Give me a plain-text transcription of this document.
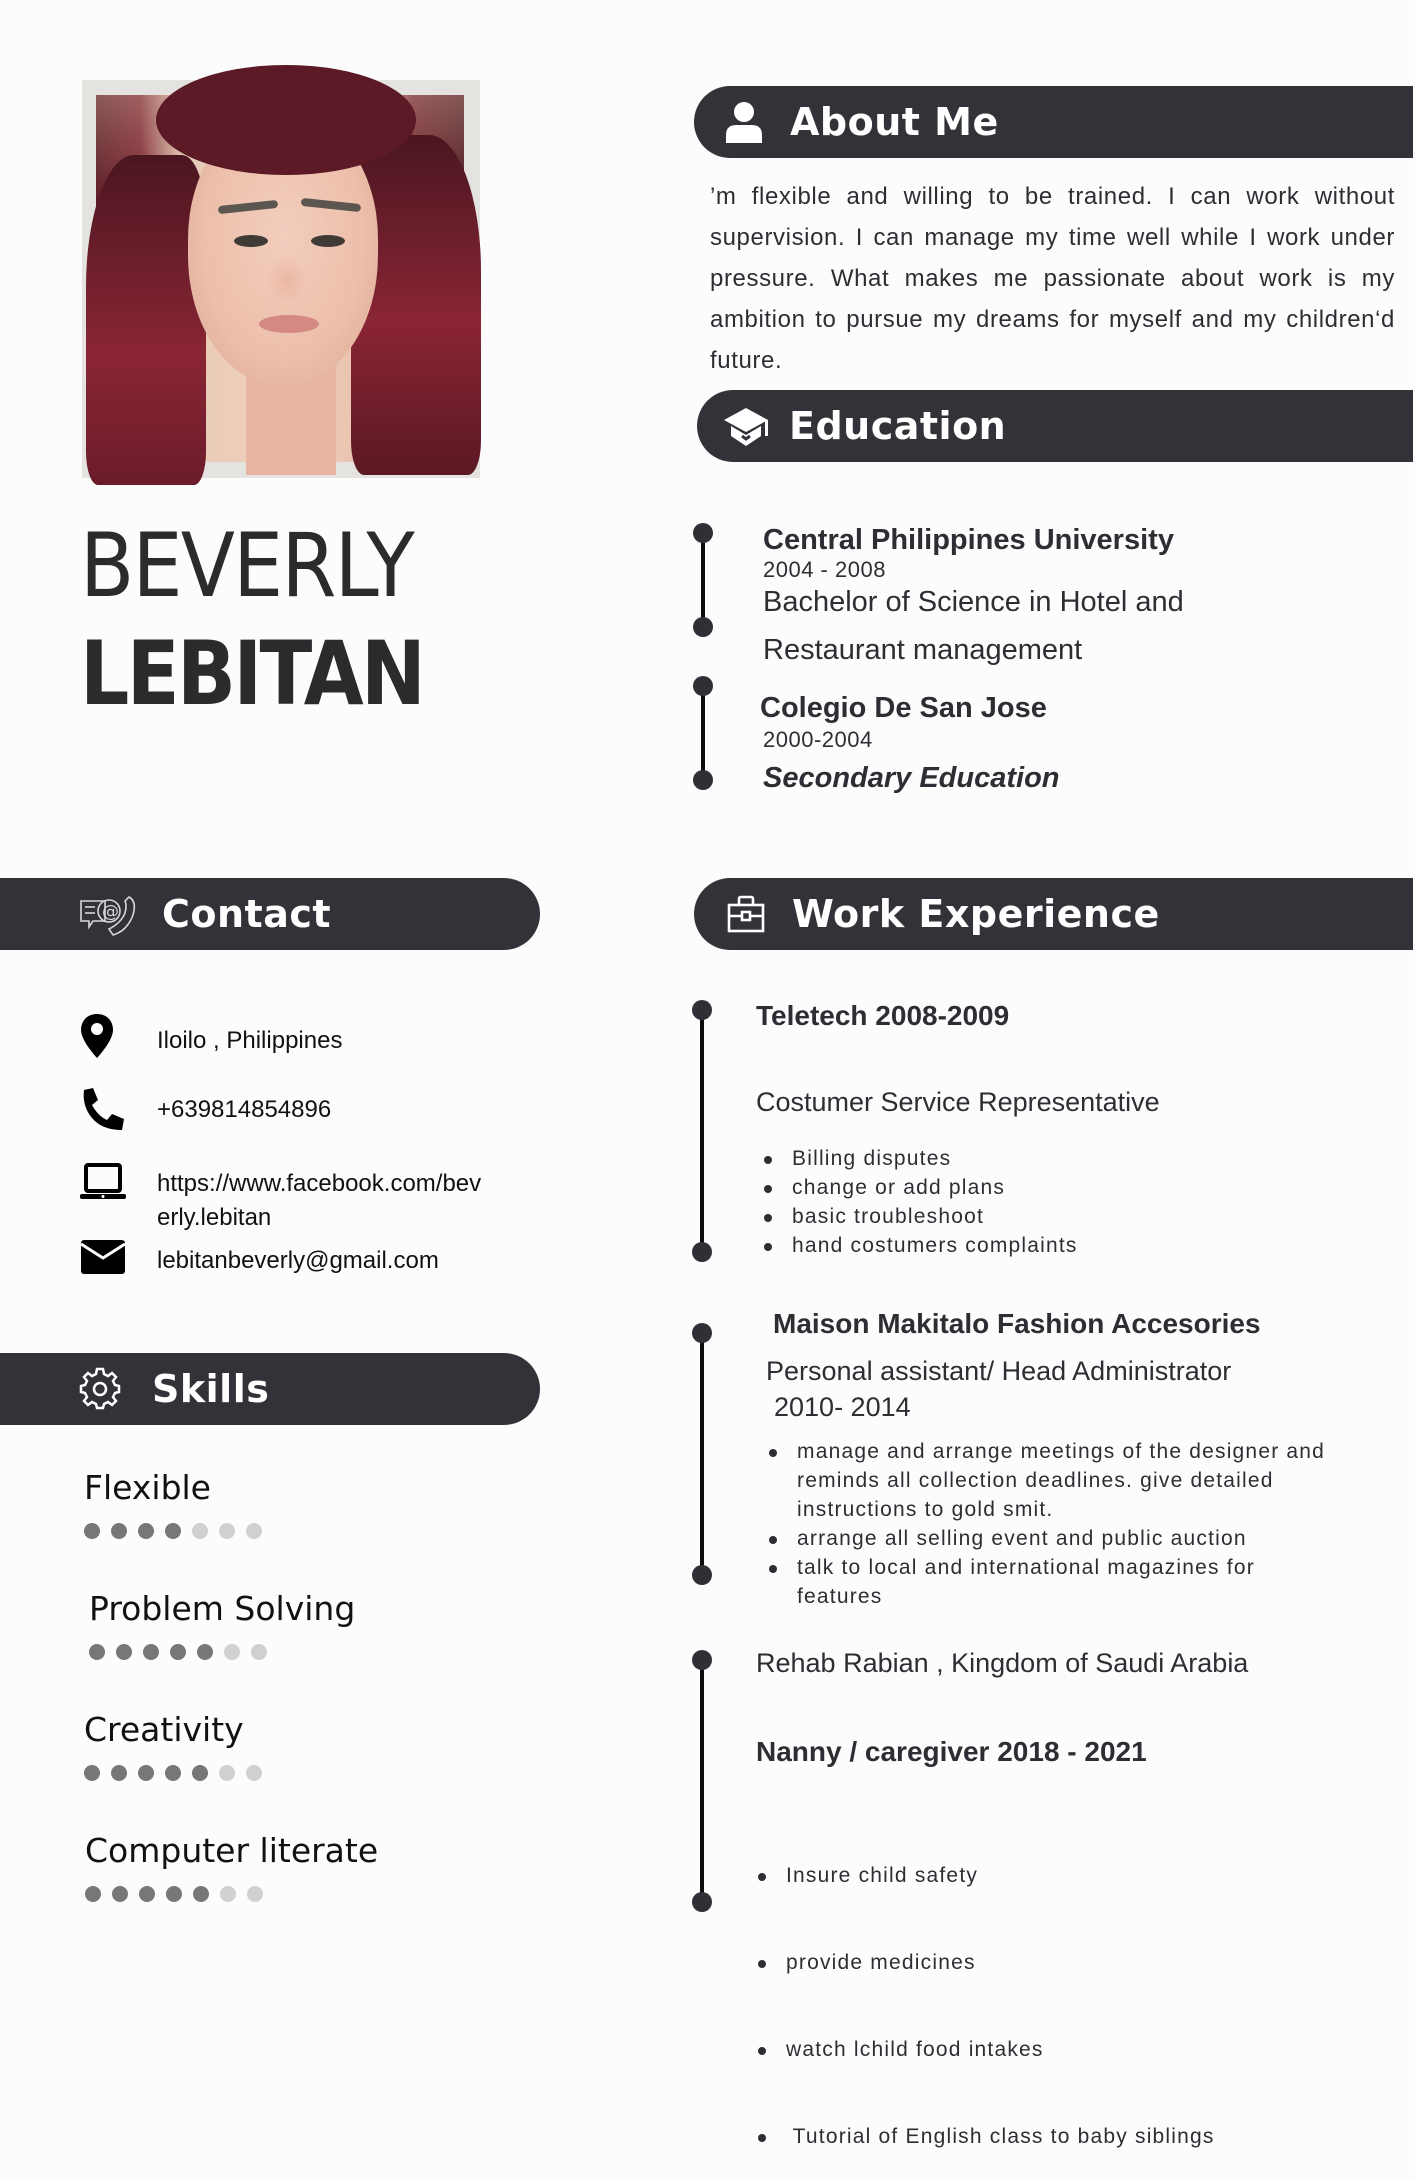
BEVERLY
LEBITAN
About Me
’m flexible and willing to be trained. I can work without supervision. I can manage my time well while I work under pressure. What makes me passionate about work is my ambition to pursue my dreams for myself and my children‘d future.
Education
Central Philippines University
2004 - 2008
Bachelor of Science in Hotel and
Restaurant management
Colegio De San Jose
2000-2004
Secondary Education
@ Contact
Iloilo , Philippines
+639814854896
https://www.facebook.com/bev
erly.lebitan
lebitanbeverly@gmail.com
Skills
Flexible
Problem Solving
Creativity
Computer literate
Work Experience
Teletech 2008-2009
Costumer Service Representative
Billing disputes
change or add plans
basic troubleshoot
hand costumers complaints
Maison Makitalo Fashion Accesories
Personal assistant/ Head Administrator
2010- 2014
manage and arrange meetings of the designer and reminds all collection deadlines. give detailed instructions to gold smit.
arrange all selling event and public auction
talk to local and international magazines for features
Rehab Rabian , Kingdom of Saudi Arabia
Nanny / caregiver 2018 - 2021

Insure child safety

provide medicines

watch lchild food intakes

Tutorial of English class to baby siblings
